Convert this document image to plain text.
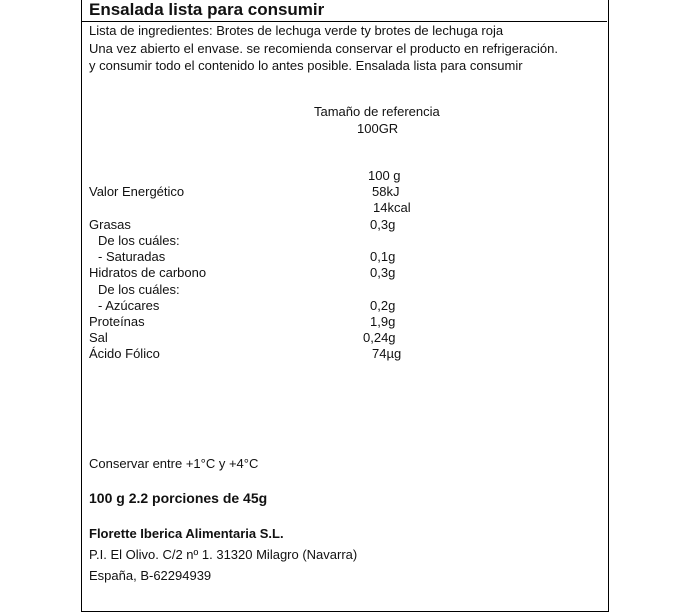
Ensalada lista para consumir
Lista de ingredientes: Brotes de lechuga verde ty brotes de lechuga roja
Una vez abierto el envase. se recomienda conservar el producto en refrigeración.
y consumir todo el contenido lo antes posible. Ensalada lista para consumir
Tamaño de referencia
100GR
100 g
Valor Energético	58kJ
14kcal
Grasas	0,3g
De los cuáles:
- Saturadas	0,1g
Hidratos de carbono	0,3g
De los cuáles:
- Azúcares	0,2g
Proteínas	1,9g
Sal	0,24g
Ácido Fólico	74µg
Conservar entre +1°C y +4°C
100 g 2.2 porciones de 45g
Florette Iberica Alimentaria S.L.
P.I. El Olivo. C/2 nº 1. 31320 Milagro (Navarra)
España, B-62294939
